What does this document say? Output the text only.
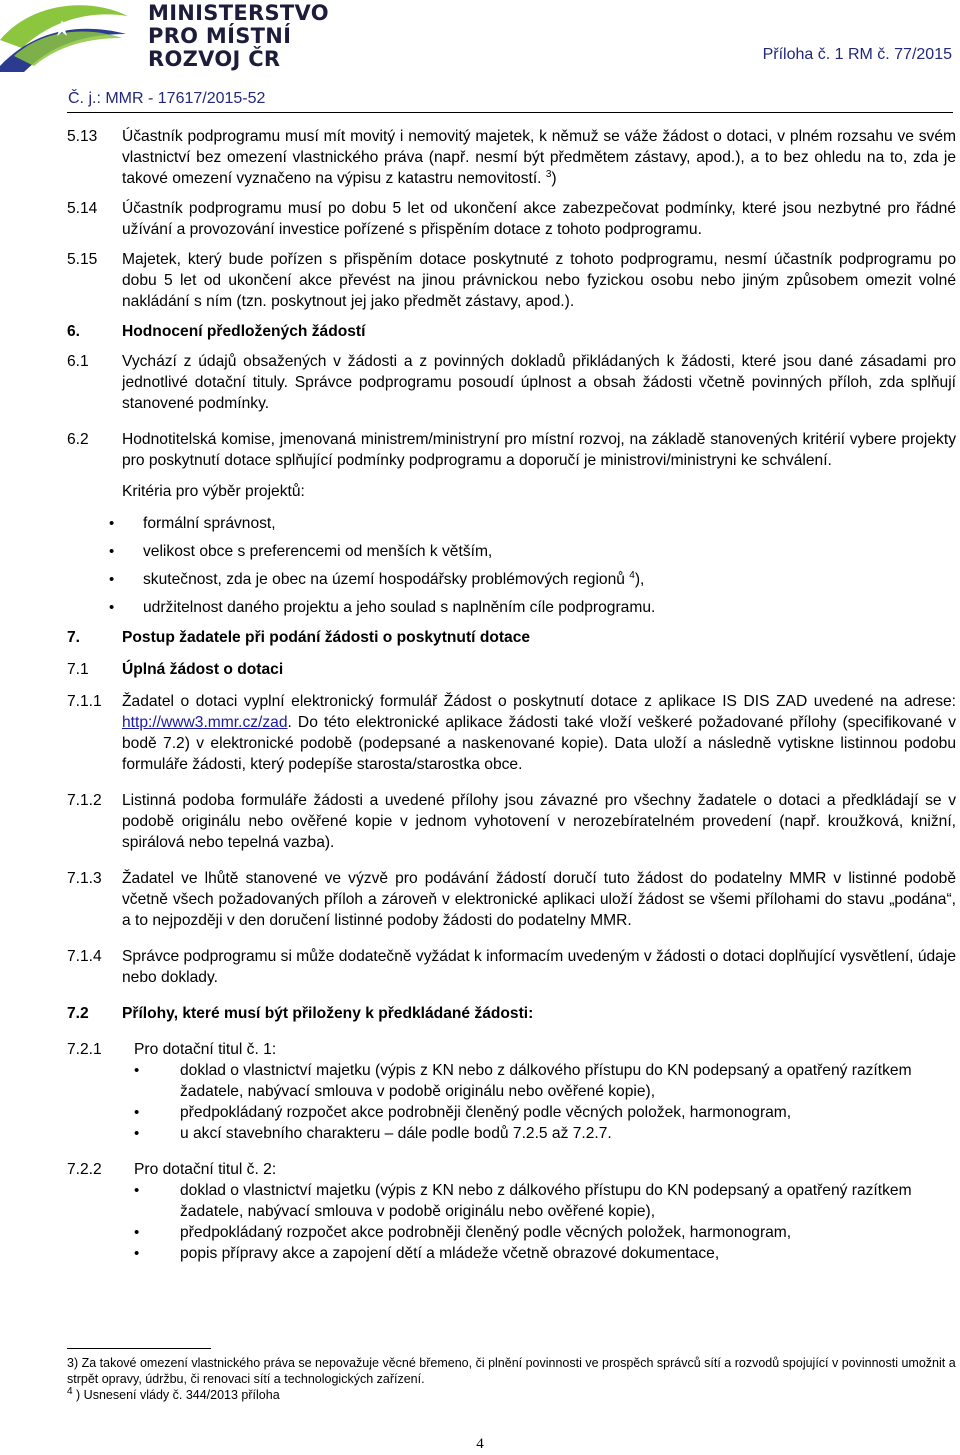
MINISTERSTVO
PRO MÍSTNÍ
ROZVOJ ČR	Příloha č. 1 RM č. 77/2015
Č. j.: MMR - 17617/2015-52
5.13	Účastník podprogramu musí mít movitý i nemovitý majetek, k němuž se váže žádost o dotaci, v plném rozsahu ve svém vlastnictví bez omezení vlastnického práva (např. nesmí být předmětem zástavy, apod.), a to bez ohledu na to, zda je takové omezení vyznačeno na výpisu z katastru nemovitostí. $^3$)
5.14	Účastník podprogramu musí po dobu 5 let od ukončení akce zabezpečovat podmínky, které jsou nezbytné pro řádné užívání a provozování investice pořízené s přispěním dotace z tohoto podprogramu.
5.15	Majetek, který bude pořízen s přispěním dotace poskytnuté z tohoto podprogramu, nesmí účastník podprogramu po dobu 5 let od ukončení akce převést na jinou právnickou nebo fyzickou osobu nebo jiným způsobem omezit volné nakládání s ním (tzn. poskytnout jej jako předmět zástavy, apod.).
6.	Hodnocení předložených žádostí
6.1	Vychází z údajů obsažených v žádosti a z povinných dokladů přikládaných k žádosti, které jsou dané zásadami pro jednotlivé dotační tituly. Správce podprogramu posoudí úplnost a obsah žádosti včetně povinných příloh, zda splňují stanovené podmínky.
6.2	Hodnotitelská komise, jmenovaná ministrem/ministryní pro místní rozvoj, na základě stanovených kritérií vybere projekty pro poskytnutí dotace splňující podmínky podprogramu a doporučí je ministrovi/ministryni ke schválení.
Kritéria pro výběr projektů:
• formální správnost,
• velikost obce s preferencemi od menších k větším,
• skutečnost, zda je obec na území hospodářsky problémových regionů $^4$),
• udržitelnost daného projektu a jeho soulad s naplněním cíle podprogramu.
7.	Postup žadatele při podání žádosti o poskytnutí dotace
7.1	Úplná žádost o dotaci
7.1.1	Žadatel o dotaci vyplní elektronický formulář Žádost o poskytnutí dotace z aplikace IS DIS ZAD uvedené na adrese: http://www3.mmr.cz/zad. Do této elektronické aplikace žádosti také vloží veškeré požadované přílohy (specifikované v bodě 7.2) v elektronické podobě (podepsané a naskenované kopie). Data uloží a následně vytiskne listinnou podobu formuláře žádosti, který podepíše starosta/starostka obce.
7.1.2	Listinná podoba formuláře žádosti a uvedené přílohy jsou závazné pro všechny žadatele o dotaci a předkládají se v podobě originálu nebo ověřené kopie v jednom vyhotovení v nerozebíratelném provedení (např. kroužková, knižní, spirálová nebo tepelná vazba).
7.1.3	Žadatel ve lhůtě stanovené ve výzvě pro podávání žádostí doručí tuto žádost do podatelny MMR v listinné podobě včetně všech požadovaných příloh a zároveň v elektronické aplikaci uloží žádost se všemi přílohami do stavu „podána“, a to nejpozději v den doručení listinné podoby žádosti do podatelny MMR.
7.1.4	Správce podprogramu si může dodatečně vyžádat k informacím uvedeným v žádosti o dotaci doplňující vysvětlení, údaje nebo doklady.
7.2	Přílohy, které musí být přiloženy k předkládané žádosti:
7.2.1	Pro dotační titul č. 1:
• doklad o vlastnictví majetku (výpis z KN nebo z dálkového přístupu do KN podepsaný a opatřený razítkem žadatele, nabývací smlouva v podobě originálu nebo ověřené kopie),
• předpokládaný rozpočet akce podrobněji členěný podle věcných položek, harmonogram,
• u akcí stavebního charakteru – dále podle bodů 7.2.5 až 7.2.7.
7.2.2	Pro dotační titul č. 2:
• doklad o vlastnictví majetku (výpis z KN nebo z dálkového přístupu do KN podepsaný a opatřený razítkem žadatele, nabývací smlouva v podobě originálu nebo ověřené kopie),
• předpokládaný rozpočet akce podrobněji členěný podle věcných položek, harmonogram,
• popis přípravy akce a zapojení dětí a mládeže včetně obrazové dokumentace,
3) Za takové omezení vlastnického práva se nepovažuje věcné břemeno, či plnění povinnosti ve prospěch správců sítí a rozvodů spojující v povinnosti umožnit a strpět opravy, údržbu, či renovaci sítí a technologických zařízení.
$^4$ ) Usnesení vlády č. 344/2013 příloha
4
